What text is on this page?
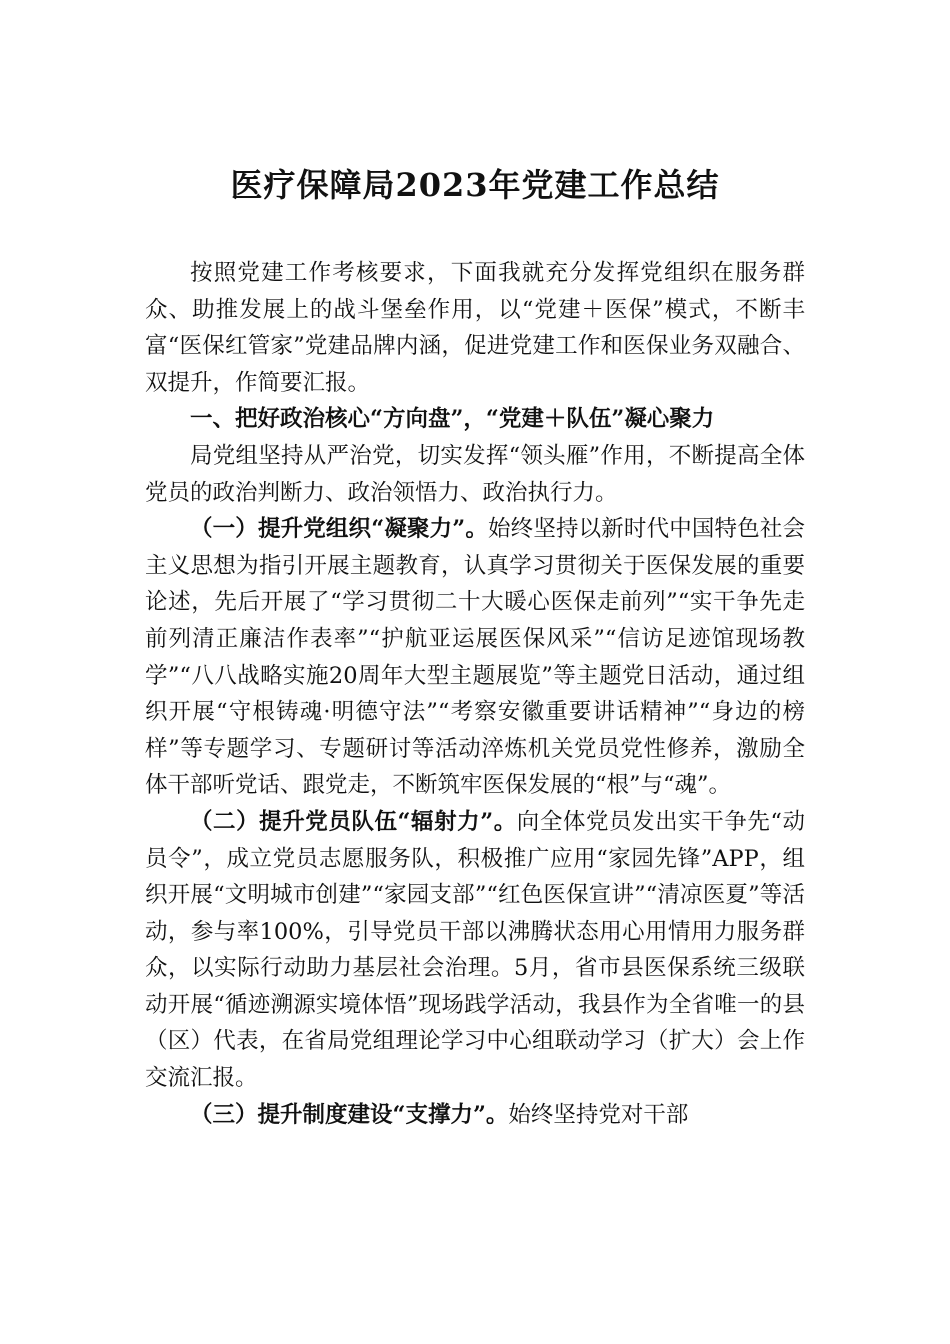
医疗保障局2023年党建工作总结

按照党建工作考核要求，下面我就充分发挥党组织在服务群众、助推发展上的战斗堡垒作用，以“党建＋医保”模式，不断丰富“医保红管家”党建品牌内涵，促进党建工作和医保业务双融合、双提升，作简要汇报。

一、把好政治核心“方向盘”，“党建＋队伍”凝心聚力

局党组坚持从严治党，切实发挥“领头雁”作用，不断提高全体党员的政治判断力、政治领悟力、政治执行力。

（一）提升党组织“凝聚力”。始终坚持以新时代中国特色社会主义思想为指引开展主题教育，认真学习贯彻关于医保发展的重要论述，先后开展了“学习贯彻二十大暖心医保走前列”“实干争先走前列清正廉洁作表率”“护航亚运展医保风采”“信访足迹馆现场教学”“八八战略实施20周年大型主题展览”等主题党日活动，通过组织开展“守根铸魂·明德守法”“考察安徽重要讲话精神”“身边的榜样”等专题学习、专题研讨等活动淬炼机关党员党性修养，激励全体干部听党话、跟党走，不断筑牢医保发展的“根”与“魂”。

（二）提升党员队伍“辐射力”。向全体党员发出实干争先“动员令”，成立党员志愿服务队，积极推广应用“家园先锋”APP，组织开展“文明城市创建”“家园支部”“红色医保宣讲”“清凉医夏”等活动，参与率100%，引导党员干部以沸腾状态用心用情用力服务群众，以实际行动助力基层社会治理。5月，省市县医保系统三级联动开展“循迹溯源实境体悟”现场践学活动，我县作为全省唯一的县（区）代表，在省局党组理论学习中心组联动学习（扩大）会上作交流汇报。

（三）提升制度建设“支撑力”。始终坚持党对干部
